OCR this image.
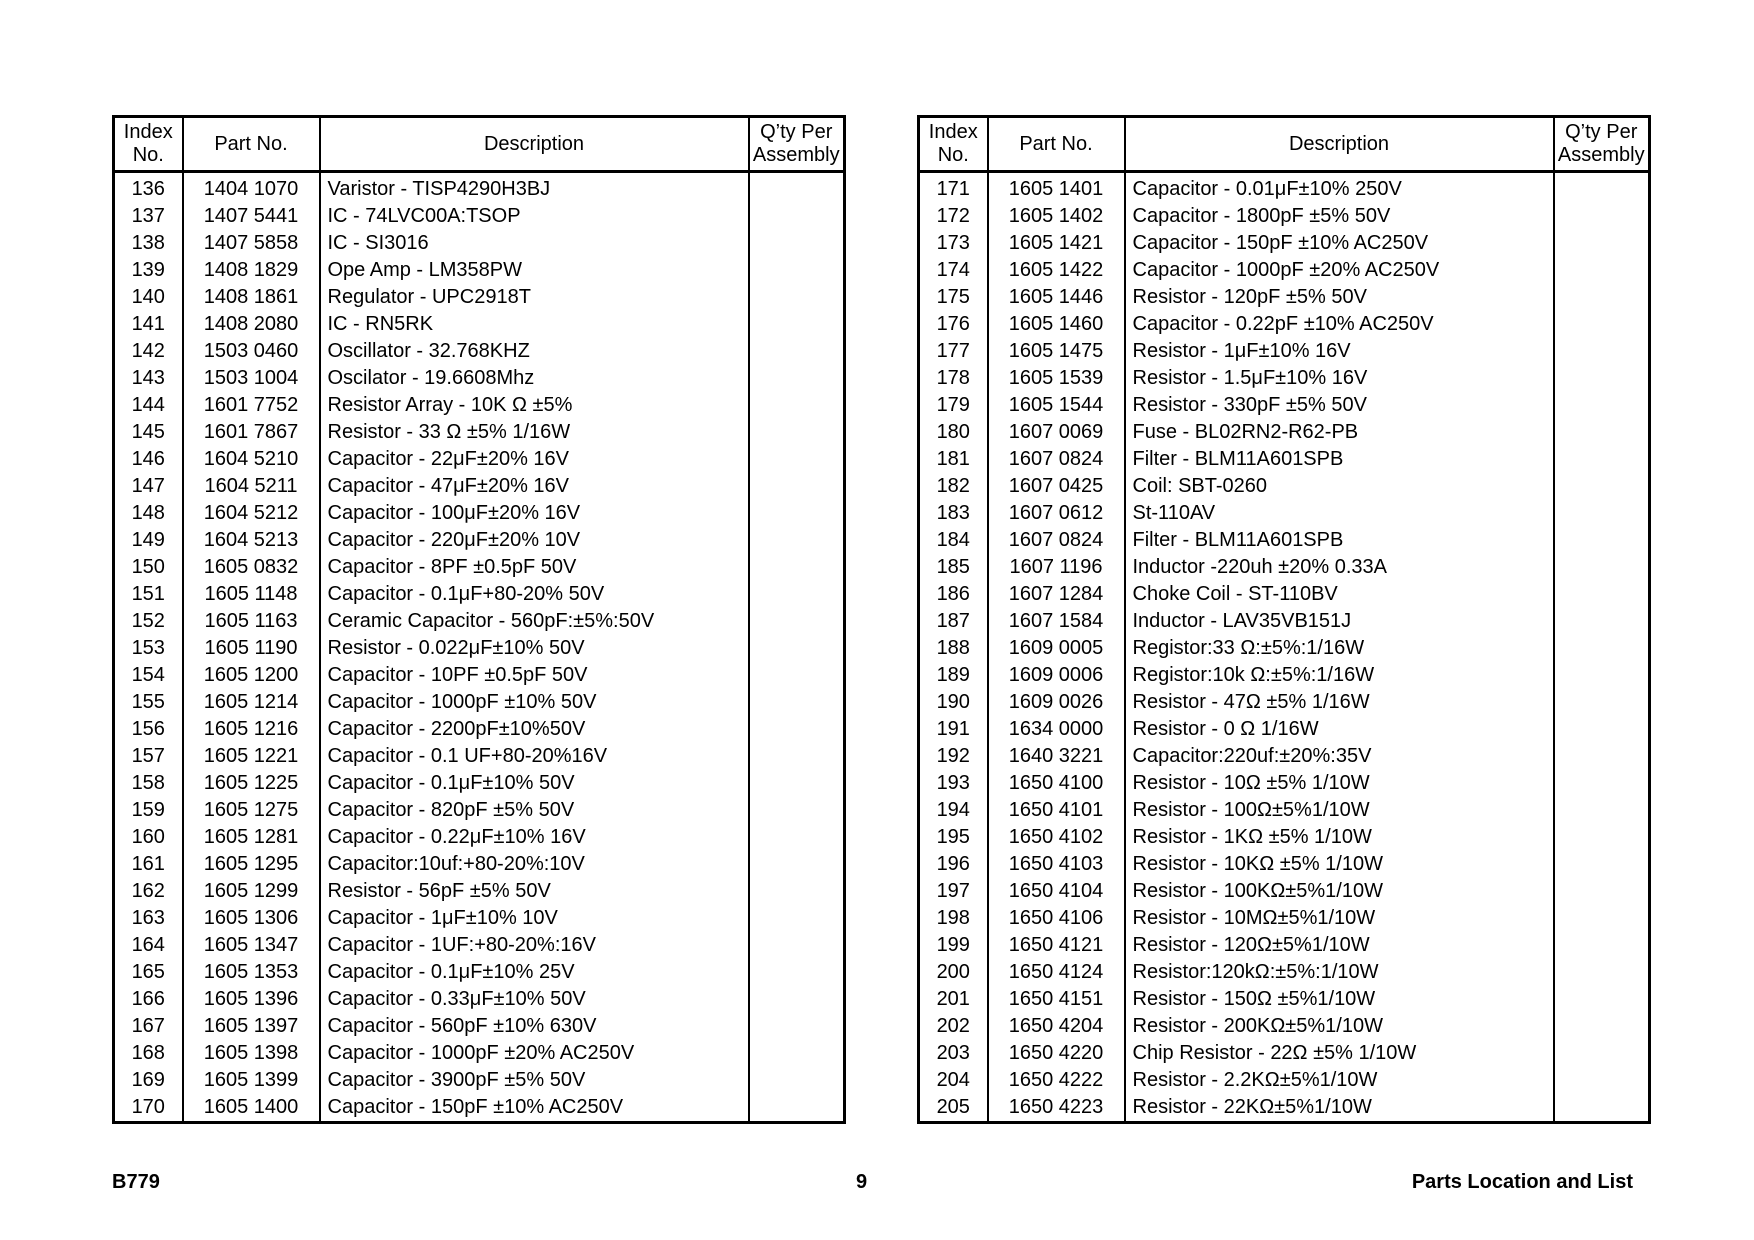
Index
No.	Part No.	Description	Q’ty Per
Assembly
136	1404 1070	Varistor - TISP4290H3BJ	
137	1407 5441	IC - 74LVC00A:TSOP	
138	1407 5858	IC - SI3016	
139	1408 1829	Ope Amp - LM358PW	
140	1408 1861	Regulator - UPC2918T	
141	1408 2080	IC - RN5RK	
142	1503 0460	Oscillator - 32.768KHZ	
143	1503 1004	Oscilator - 19.6608Mhz	
144	1601 7752	Resistor Array - 10K Ω ±5%	
145	1601 7867	Resistor - 33 Ω ±5% 1/16W	
146	1604 5210	Capacitor - 22μF±20% 16V	
147	1604 5211	Capacitor - 47μF±20% 16V	
148	1604 5212	Capacitor - 100μF±20% 16V	
149	1604 5213	Capacitor - 220μF±20% 10V	
150	1605 0832	Capacitor - 8PF ±0.5pF 50V	
151	1605 1148	Capacitor - 0.1μF+80-20% 50V	
152	1605 1163	Ceramic Capacitor - 560pF:±5%:50V	
153	1605 1190	Resistor - 0.022μF±10% 50V	
154	1605 1200	Capacitor - 10PF ±0.5pF 50V	
155	1605 1214	Capacitor - 1000pF ±10% 50V	
156	1605 1216	Capacitor - 2200pF±10%50V	
157	1605 1221	Capacitor - 0.1 UF+80-20%16V	
158	1605 1225	Capacitor - 0.1μF±10% 50V	
159	1605 1275	Capacitor - 820pF ±5% 50V	
160	1605 1281	Capacitor - 0.22μF±10% 16V	
161	1605 1295	Capacitor:10uf:+80-20%:10V	
162	1605 1299	Resistor - 56pF ±5% 50V	
163	1605 1306	Capacitor - 1μF±10% 10V	
164	1605 1347	Capacitor - 1UF:+80-20%:16V	
165	1605 1353	Capacitor - 0.1μF±10% 25V	
166	1605 1396	Capacitor - 0.33μF±10% 50V	
167	1605 1397	Capacitor - 560pF ±10% 630V	
168	1605 1398	Capacitor - 1000pF ±20% AC250V	
169	1605 1399	Capacitor - 3900pF ±5% 50V	
170	1605 1400	Capacitor - 150pF ±10% AC250V	
Index
No.	Part No.	Description	Q’ty Per
Assembly
171	1605 1401	Capacitor - 0.01μF±10% 250V	
172	1605 1402	Capacitor - 1800pF ±5% 50V	
173	1605 1421	Capacitor - 150pF ±10% AC250V	
174	1605 1422	Capacitor - 1000pF ±20% AC250V	
175	1605 1446	Resistor - 120pF ±5% 50V	
176	1605 1460	Capacitor - 0.22pF ±10% AC250V	
177	1605 1475	Resistor - 1μF±10% 16V	
178	1605 1539	Resistor - 1.5μF±10% 16V	
179	1605 1544	Resistor - 330pF ±5% 50V	
180	1607 0069	Fuse - BL02RN2-R62-PB	
181	1607 0824	Filter - BLM11A601SPB	
182	1607 0425	Coil: SBT-0260	
183	1607 0612	St-110AV	
184	1607 0824	Filter - BLM11A601SPB	
185	1607 1196	Inductor -220uh ±20% 0.33A	
186	1607 1284	Choke Coil - ST-110BV	
187	1607 1584	Inductor - LAV35VB151J	
188	1609 0005	Registor:33 Ω:±5%:1/16W	
189	1609 0006	Registor:10k Ω:±5%:1/16W	
190	1609 0026	Resistor - 47Ω ±5% 1/16W	
191	1634 0000	Resistor - 0 Ω 1/16W	
192	1640 3221	Capacitor:220uf:±20%:35V	
193	1650 4100	Resistor - 10Ω ±5% 1/10W	
194	1650 4101	Resistor - 100Ω±5%1/10W	
195	1650 4102	Resistor - 1KΩ ±5% 1/10W	
196	1650 4103	Resistor - 10KΩ ±5% 1/10W	
197	1650 4104	Resistor - 100KΩ±5%1/10W	
198	1650 4106	Resistor - 10MΩ±5%1/10W	
199	1650 4121	Resistor - 120Ω±5%1/10W	
200	1650 4124	Resistor:120kΩ:±5%:1/10W	
201	1650 4151	Resistor - 150Ω ±5%1/10W	
202	1650 4204	Resistor - 200KΩ±5%1/10W	
203	1650 4220	Chip Resistor - 22Ω ±5% 1/10W	
204	1650 4222	Resistor - 2.2KΩ±5%1/10W	
205	1650 4223	Resistor - 22KΩ±5%1/10W	
B779	9	Parts Location and List
